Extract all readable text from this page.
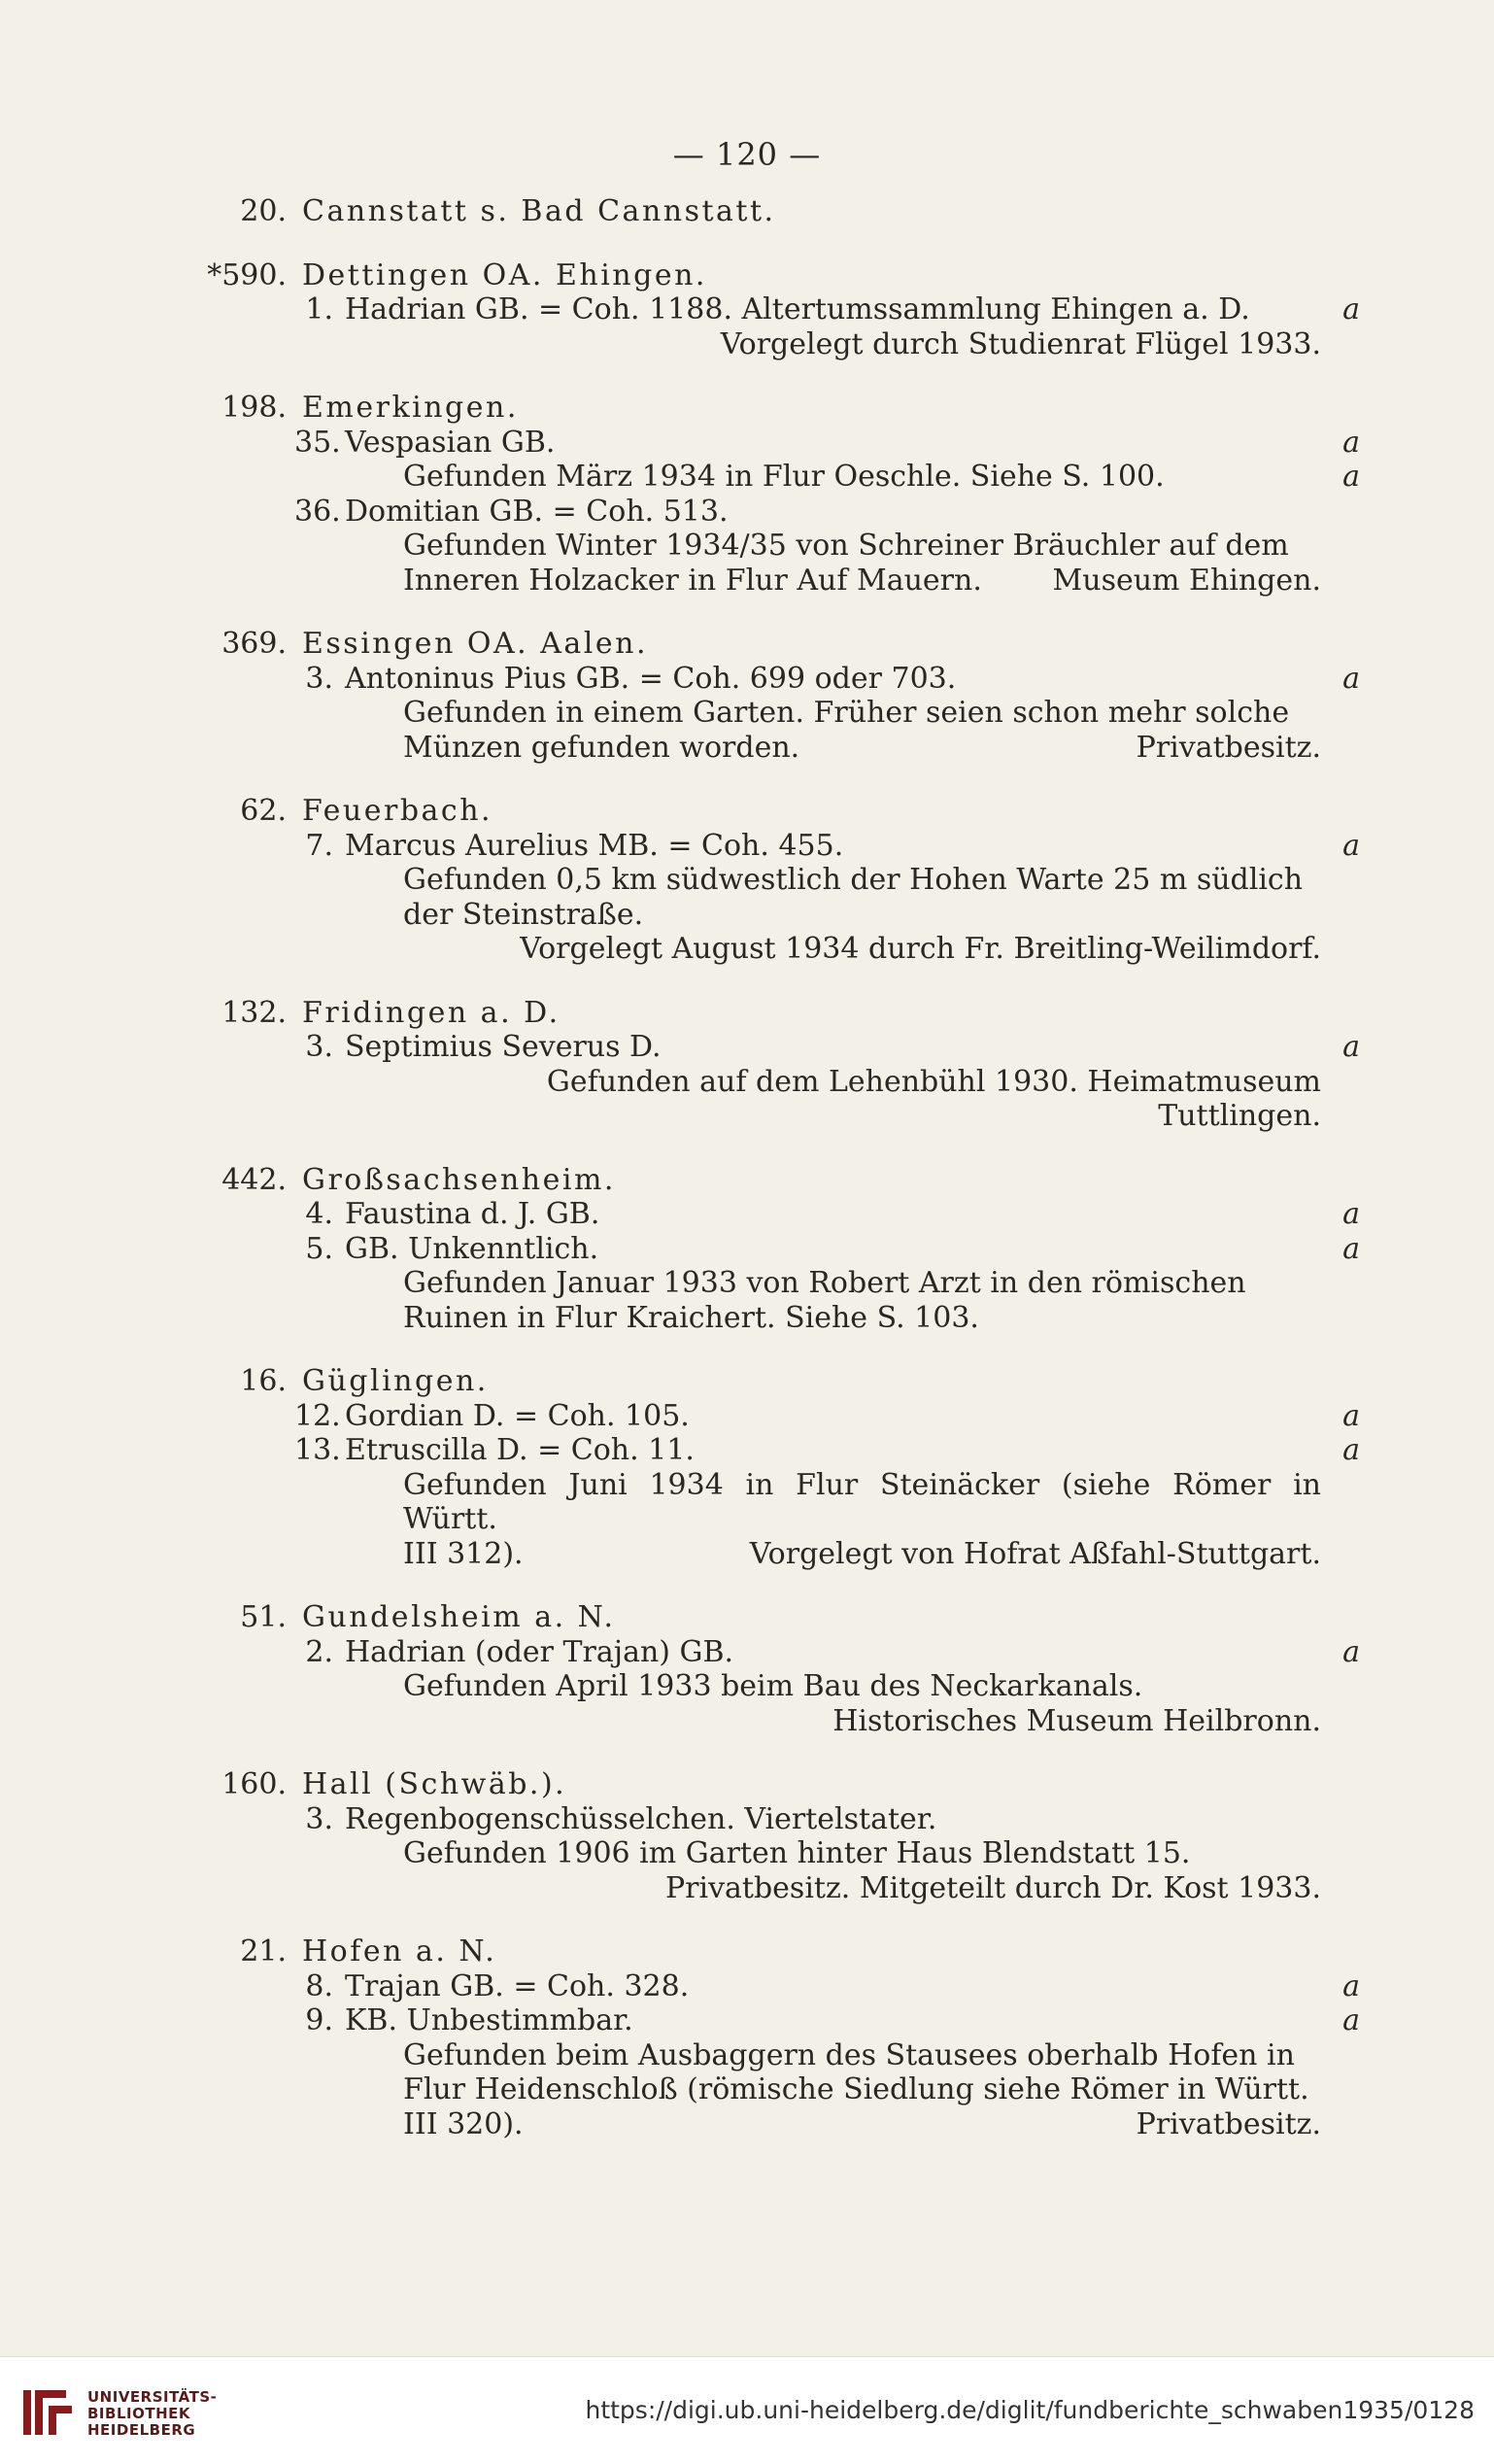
— 120 —
20. Cannstatt s. Bad Cannstatt.
*590. Dettingen OA. Ehingen.
1. Hadrian GB. = Coh. 1188. Altertumssammlung Ehingen a. D.	a
Vorgelegt durch Studienrat Flügel 1933.
198. Emerkingen.
35. Vespasian GB.	a
Gefunden März 1934 in Flur Oeschle. Siehe S. 100.	a
36. Domitian GB. = Coh. 513.
Gefunden Winter 1934/35 von Schreiner Bräuchler auf dem
Inneren Holzacker in Flur Auf Mauern. Museum Ehingen.
369. Essingen OA. Aalen.
3. Antoninus Pius GB. = Coh. 699 oder 703.	a
Gefunden in einem Garten. Früher seien schon mehr solche
Münzen gefunden worden.	Privatbesitz.
62. Feuerbach.
7. Marcus Aurelius MB. = Coh. 455.	a
Gefunden 0,5 km südwestlich der Hohen Warte 25 m südlich
der Steinstraße.
Vorgelegt August 1934 durch Fr. Breitling-Weilimdorf.
132. Fridingen a. D.
3. Septimius Severus D.	a
Gefunden auf dem Lehenbühl 1930. Heimatmuseum Tuttlingen.
442. Großsachsenheim.
4. Faustina d. J. GB.	a
5. GB. Unkenntlich.	a
Gefunden Januar 1933 von Robert Arzt in den römischen
Ruinen in Flur Kraichert. Siehe S. 103.
16. Güglingen.
12. Gordian D. = Coh. 105.	a
13. Etruscilla D. = Coh. 11.	a
Gefunden Juni 1934 in Flur Steinäcker (siehe Römer in Württ.
III 312).	Vorgelegt von Hofrat Aßfahl-Stuttgart.
51. Gundelsheim a. N.
2. Hadrian (oder Trajan) GB.	a
Gefunden April 1933 beim Bau des Neckarkanals.
Historisches Museum Heilbronn.
160. Hall (Schwäb.).
3. Regenbogenschüsselchen. Viertelstater.
Gefunden 1906 im Garten hinter Haus Blendstatt 15.
Privatbesitz. Mitgeteilt durch Dr. Kost 1933.
21. Hofen a. N.
8. Trajan GB. = Coh. 328.	a
9. KB. Unbestimmbar.	a
Gefunden beim Ausbaggern des Stausees oberhalb Hofen in
Flur Heidenschloß (römische Siedlung siehe Römer in Württ.
III 320).	Privatbesitz.
UNIVERSITÄTS-
BIBLIOTHEK
HEIDELBERG
https://digi.ub.uni-heidelberg.de/diglit/fundberichte_schwaben1935/0128
